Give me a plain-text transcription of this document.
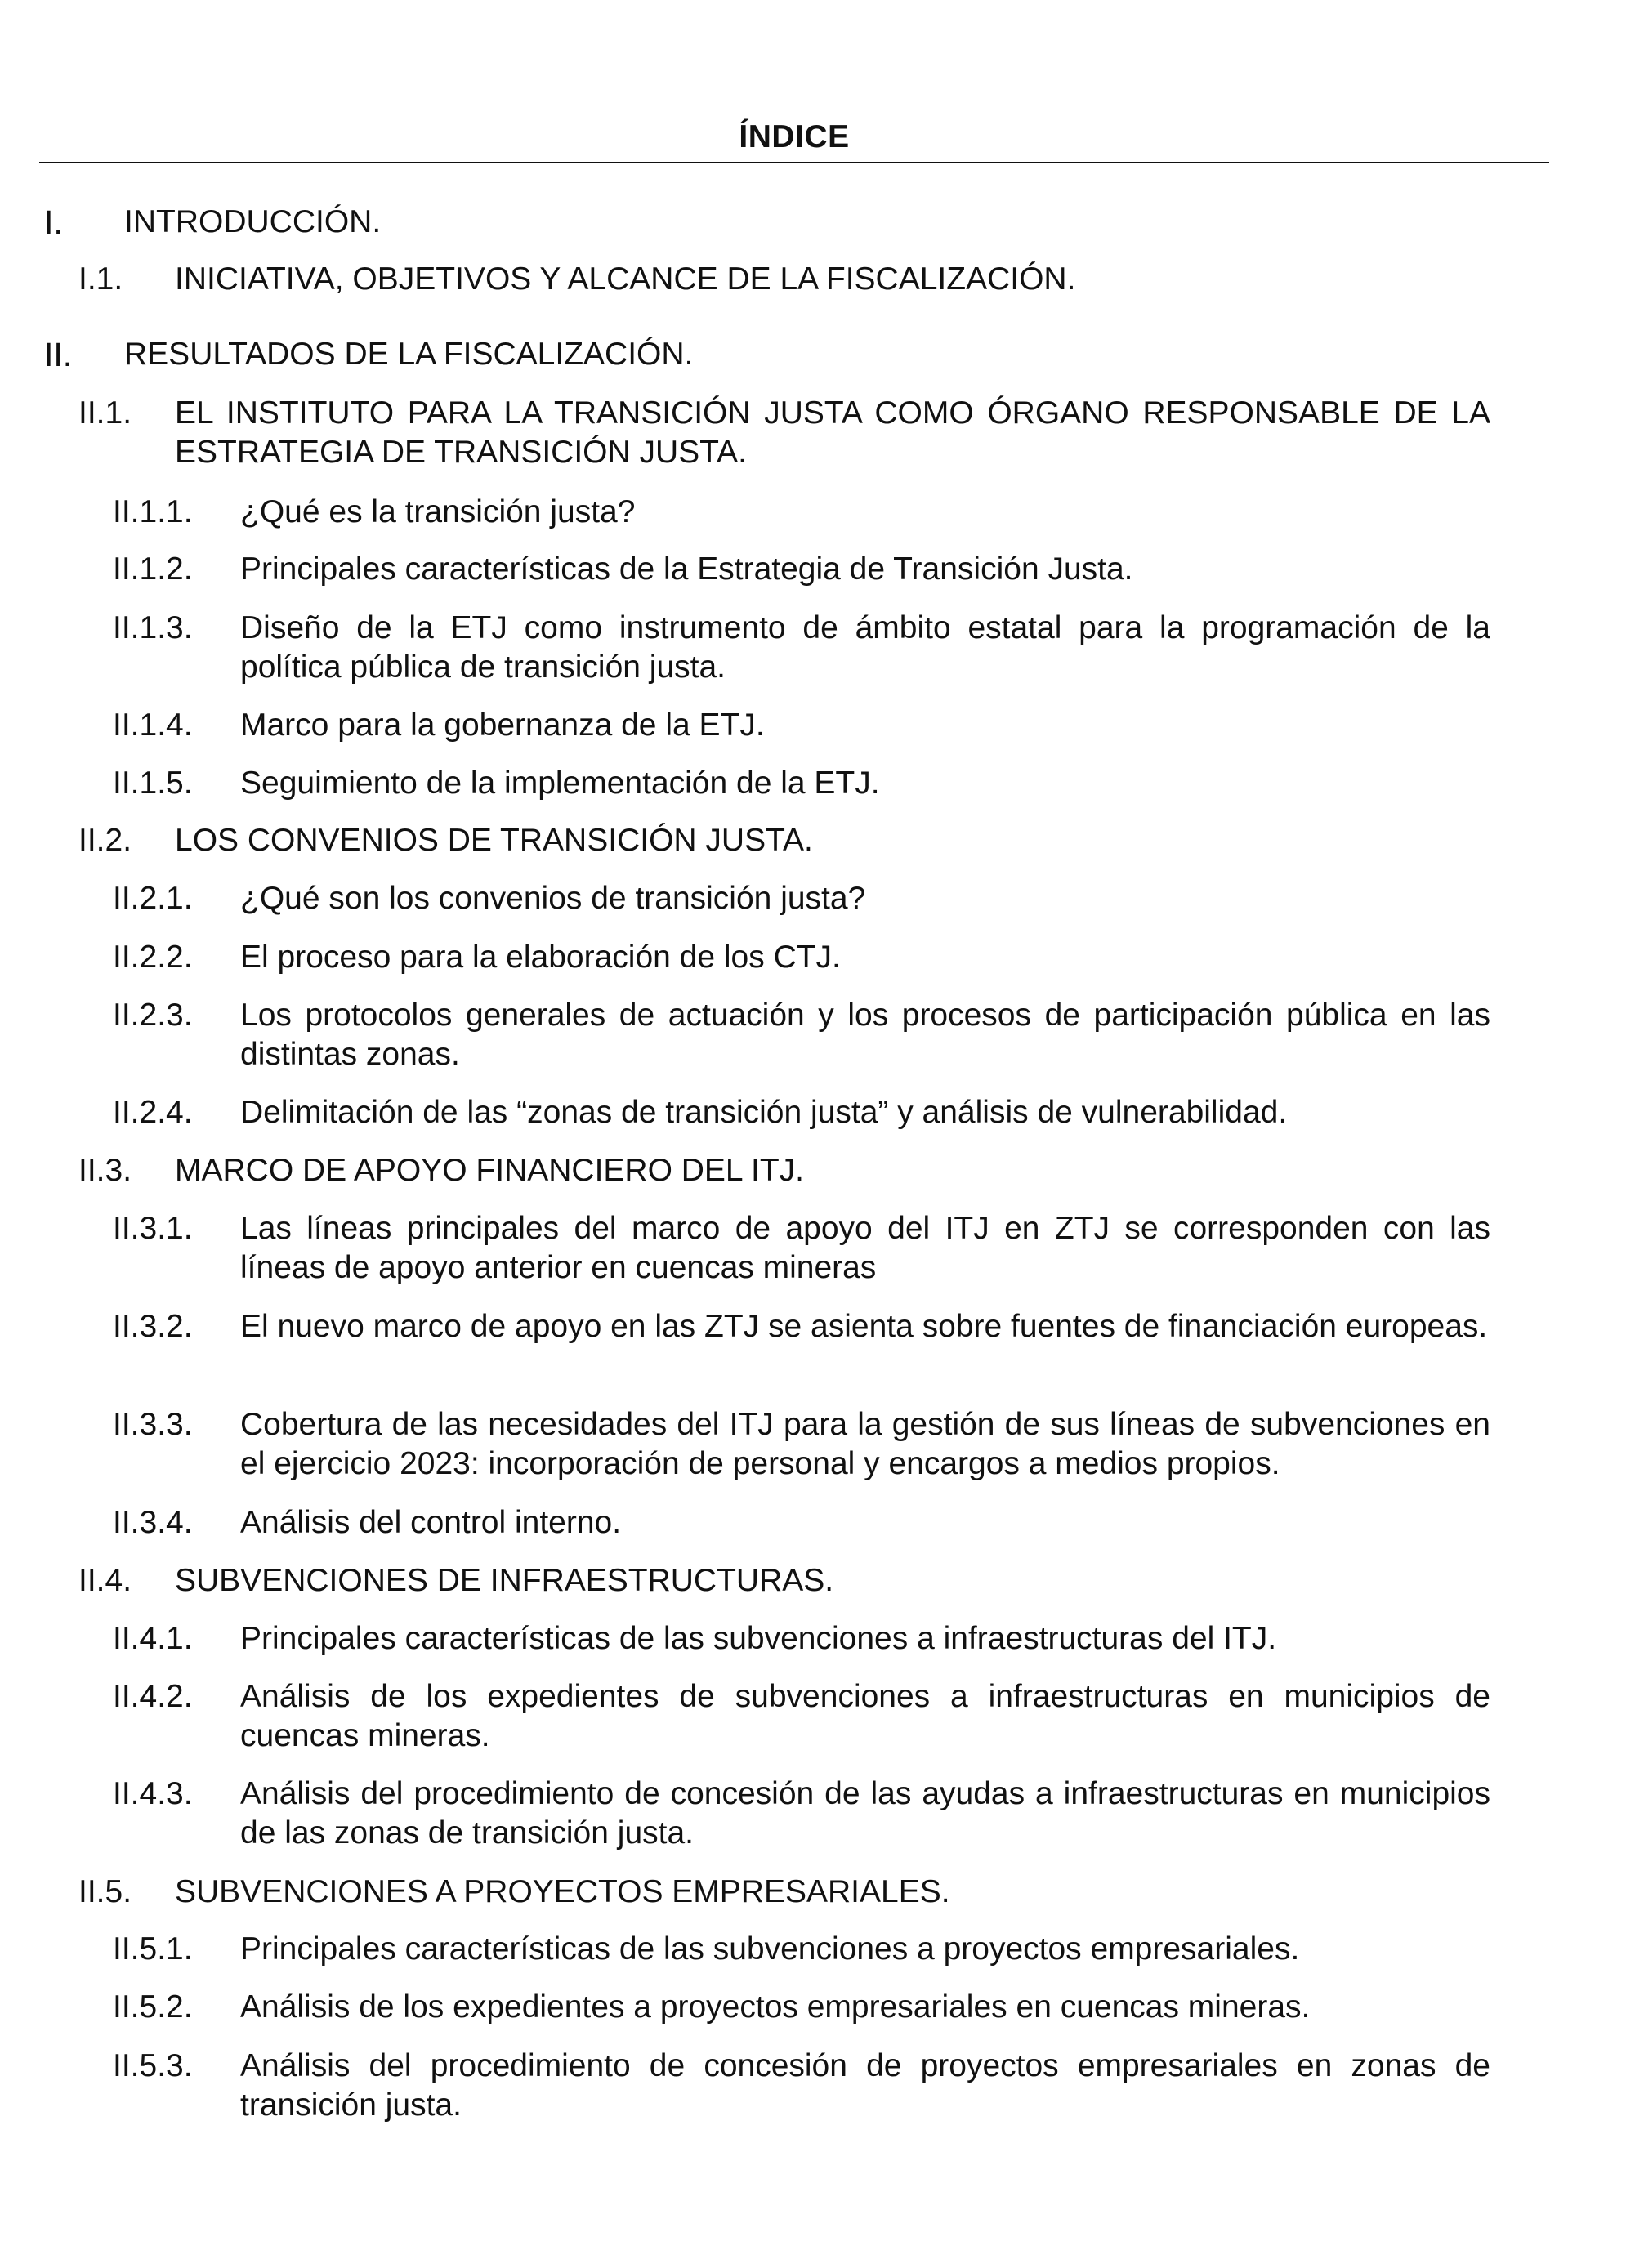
ÍNDICE
I.	INTRODUCCIÓN.
I.1.	INICIATIVA, OBJETIVOS Y ALCANCE DE LA FISCALIZACIÓN.
II.	RESULTADOS DE LA FISCALIZACIÓN.
II.1.	EL INSTITUTO PARA LA TRANSICIÓN JUSTA COMO ÓRGANO RESPONSABLE DE LA ESTRATEGIA DE TRANSICIÓN JUSTA.
II.1.1.	¿Qué es la transición justa?
II.1.2.	Principales características de la Estrategia de Transición Justa.
II.1.3.	Diseño de la ETJ como instrumento de ámbito estatal para la programación de la política pública de transición justa.
II.1.4.	Marco para la gobernanza de la ETJ.
II.1.5.	Seguimiento de la implementación de la ETJ.
II.2.	LOS CONVENIOS DE TRANSICIÓN JUSTA.
II.2.1.	¿Qué son los convenios de transición justa?
II.2.2.	El proceso para la elaboración de los CTJ.
II.2.3.	Los protocolos generales de actuación y los procesos de participación pública en las distintas zonas.
II.2.4.	Delimitación de las “zonas de transición justa” y análisis de vulnerabilidad.
II.3.	MARCO DE APOYO FINANCIERO DEL ITJ.
II.3.1.	Las líneas principales del marco de apoyo del ITJ en ZTJ se corresponden con las líneas de apoyo anterior en cuencas mineras
II.3.2.	El nuevo marco de apoyo en las ZTJ se asienta sobre fuentes de financiación europeas.
II.3.3.	Cobertura de las necesidades del ITJ para la gestión de sus líneas de subvenciones en el ejercicio 2023: incorporación de personal y encargos a medios propios.
II.3.4.	Análisis del control interno.
II.4.	SUBVENCIONES DE INFRAESTRUCTURAS.
II.4.1.	Principales características de las subvenciones a infraestructuras del ITJ.
II.4.2.	Análisis de los expedientes de subvenciones a infraestructuras en municipios de cuencas mineras.
II.4.3.	Análisis del procedimiento de concesión de las ayudas a infraestructuras en municipios de las zonas de transición justa.
II.5.	SUBVENCIONES A PROYECTOS EMPRESARIALES.
II.5.1.	Principales características de las subvenciones a proyectos empresariales.
II.5.2.	Análisis de los expedientes a proyectos empresariales en cuencas mineras.
II.5.3.	Análisis del procedimiento de concesión de proyectos empresariales en zonas de transición justa.
